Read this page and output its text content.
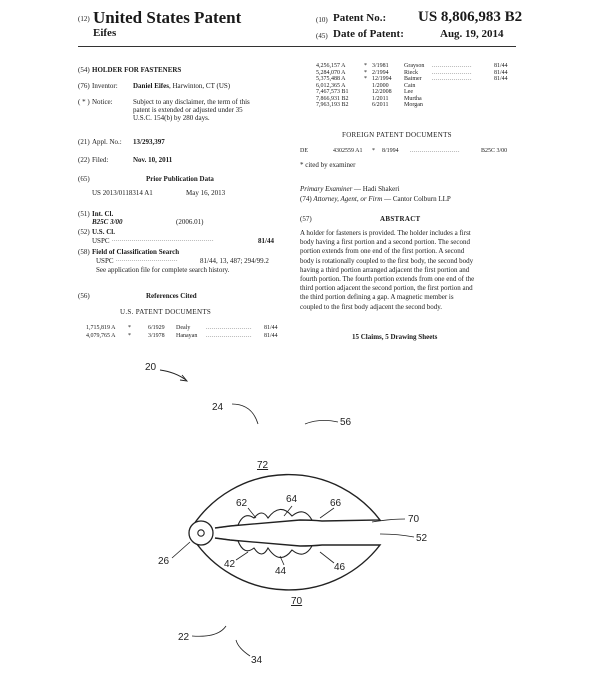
(12) United States Patent
Eifes
(10) Patent No.: US 8,806,983 B2
(45) Date of Patent:	Aug. 19, 2014
(54) HOLDER FOR FASTENERS
(76) Inventor: Daniel Eifes, Harwinton, CT (US)
( * ) Notice:	Subject to any disclaimer, the term of this
patent is extended or adjusted under 35
U.S.C. 154(b) by 280 days.
(21) Appl. No.: 13/293,397
(22) Filed:	Nov. 10, 2011
(65)	Prior Publication Data
US 2013/0118314 A1	May 16, 2013
(51) Int. Cl.
B25C 3/00	(2006.01)
(52) U.S. Cl.
USPC ...................................................	81/44
(58) Field of Classification Search
USPC ...............................	81/44, 13, 487; 294/99.2
See application file for complete search history.
(56)	References Cited
U.S. PATENT DOCUMENTS
1,715,819 A *	6/1929 Dealy	....................... 81/44
4,079,765 A *	3/1978 Hanayan ....................... 81/44
4,256,157 A	* 3/1981	Grayson ....................	81/44
5,284,070 A	* 2/1994	Rieck ....................	81/44
5,375,488 A	* 12/1994 Baimer ....................	81/44
6,012,365 A	1/2000	Cain
7,467,573 B1	12/2008 Lee
7,866,931 B2	1/2011	Murtha
7,963,193 B2	6/2011	Morgan
FOREIGN PATENT DOCUMENTS
DE	4302559 A1 * 8/1994 .........................	B25C 3/00
* cited by examiner
Primary Examiner — Hadi Shakeri
(74) Attorney, Agent, or Firm — Cantor Colburn LLP
(57)	ABSTRACT
A holder for fasteners is provided. The holder includes a first
body having a first portion and a second portion. The second
portion extends from one end of the first portion. A second
body is rotationally coupled to the first body, the second body
having a third portion arranged adjacent the first portion and
fourth portion. The fourth portion extends from one end of the
third portion adjacent the second portion, the first portion and
the third portion defining a gap. A magnetic member is
coupled to the first body adjacent the second body.
15 Claims, 5 Drawing Sheets
20
24
56
72
62	64	66
70
52
26	42
44	46
70
22
34
